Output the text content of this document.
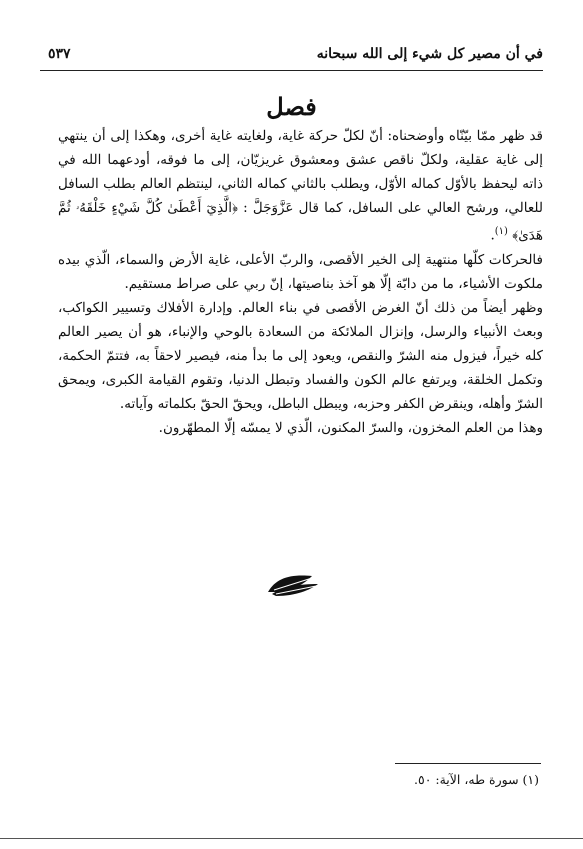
في أن مصير كل شيء إلى الله سبحانه
٥٣٧
فصل

قد ظهر ممّا بيّنّاه وأوضحناه: أنّ لكلّ حركة غاية، ولغايته غاية أخرى، وهكذا إلى أن ينتهي إلى غاية عقلية، ولكلّ ناقص عشق ومعشوق غريزيّان، إلى ما فوقه، أودعهما الله في ذاته ليحفظ بالأوّل كماله الأوّل، ويطلب بالثاني كماله الثاني، لينتظم العالم بطلب السافل للعالي، ورشح العالي على السافل، كما قال عَزَّوَجَلَّ : ﴿الَّذِيٓ أَعْطَىٰ كُلَّ شَيْءٍ خَلْقَهُۥ ثُمَّ هَدَىٰ﴾ $^{(١)}$.

فالحركات كلّها منتهية إلى الخير الأقصى، والربّ الأعلى، غاية الأرض والسماء، الّذي بيده ملكوت الأشياء، ما من دابّة إلّا هو آخذ بناصيتها، إنّ ربي على صراط مستقيم.

وظهر أيضاً من ذلك أنّ الغرض الأقصى في بناء العالم. وإدارة الأفلاك وتسيير الكواكب، وبعث الأنبياء والرسل، وإنزال الملائكة من السعادة بالوحي والإنباء، هو أن يصير العالم كله خيراً، فيزول منه الشرّ والنقص، ويعود إلى ما بدأ منه، فيصير لاحقاً به، فتتمّ الحكمة، وتكمل الخلقة، ويرتفع عالم الكون والفساد وتبطل الدنيا، وتقوم القيامة الكبرى، ويمحق الشرّ وأهله، وينقرض الكفر وحزبه، ويبطل الباطل، ويحقّ الحقّ بكلماته وآياته.

وهذا من العلم المخزون، والسرّ المكنون، الّذي لا يمسّه إلّا المطهّرون.

(١) سورة طه، الآية: ٥٠.
